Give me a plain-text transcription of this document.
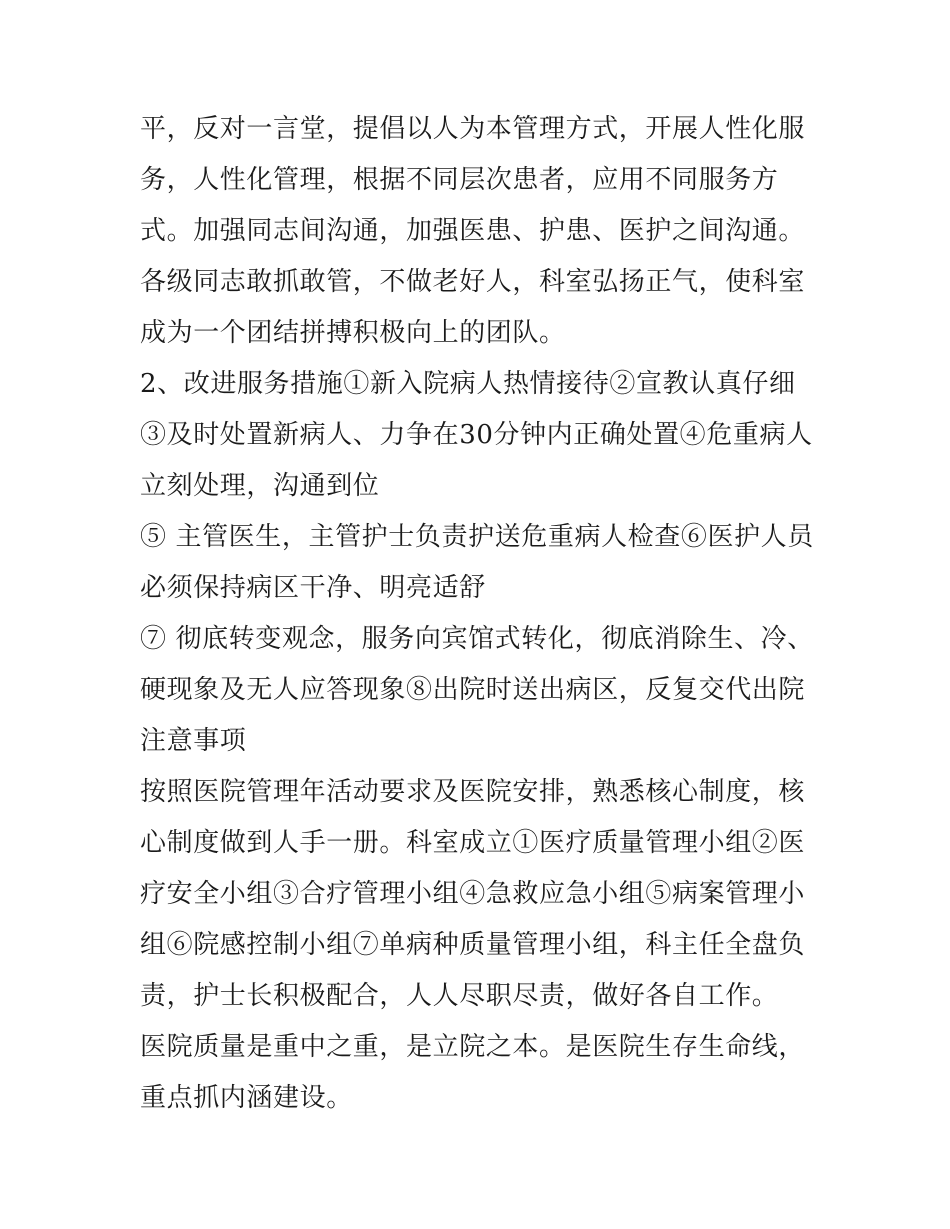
平，反对一言堂，提倡以人为本管理方式，开展人性化服务，人性化管理，根据不同层次患者，应用不同服务方式。加强同志间沟通，加强医患、护患、医护之间沟通。各级同志敢抓敢管，不做老好人，科室弘扬正气，使科室成为一个团结拼搏积极向上的团队。

2、改进服务措施①新入院病人热情接待②宣教认真仔细 ③及时处置新病人、力争在30分钟内正确处置④危重病人立刻处理，沟通到位

⑤ 主管医生，主管护士负责护送危重病人检查⑥医护人员必须保持病区干净、明亮适舒

⑦ 彻底转变观念，服务向宾馆式转化，彻底消除生、冷、硬现象及无人应答现象⑧出院时送出病区，反复交代出院注意事项

按照医院管理年活动要求及医院安排，熟悉核心制度，核心制度做到人手一册。科室成立①医疗质量管理小组②医疗安全小组③合疗管理小组④急救应急小组⑤病案管理小组⑥院感控制小组⑦单病种质量管理小组，科主任全盘负责，护士长积极配合，人人尽职尽责，做好各自工作。

医院质量是重中之重，是立院之本。是医院生存生命线，重点抓内涵建设。
